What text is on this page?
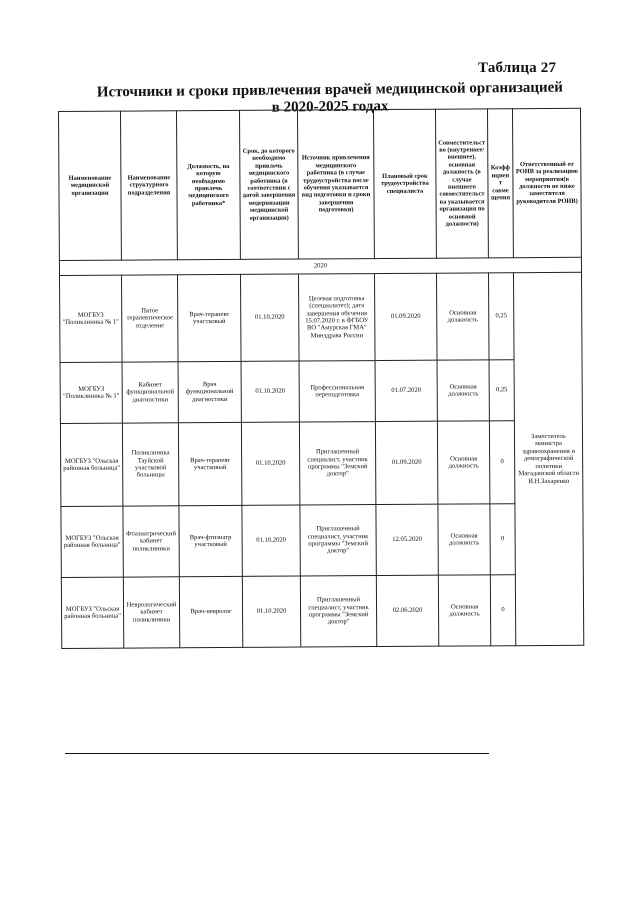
Таблица 27
Источники и сроки привлечения врачей медицинской организацией
в 2020-2025 годах
Наименование медицинской организации	Наименование структурного подразделения	Должность, на которую необходимо привлечь медицинского работника*	Срок, до которого необходимо привлечь медицинского работника (в соответствии с датой завершения модернизации медицинской организации)	Источник привлечения медицинского работника (в случае трудоустройства после обучения указывается вид подготовки и сроки завершения подготовки)	Плановый срок трудоустройства специалиста	Совместительство (внутреннее/внешнее), основная должность (в случае внешнего совместительства указывается организация по основной должности)	Коэффициент совмещения	Ответственный от РОИВ за реализацию мероприятия(в должности не ниже заместителя руководителя РОИВ)
2020								
МОГБУЗ "Поликлиника № 1"	Пятое терапевтическое отделение	Врач-терапевт участковый	01.10.2020	Целевая подготовка (специалитет); дата завершения обучения 15.07.2020 г. в ФГБОУ ВО "Амурская ГМА" Минздрава России	01.09.2020	Основная должность	0,25	Заместитель министра здравоохранения и демографической политики Магаданской области И.Н.Захаренко
МОГБУЗ "Поликлиника № 1"	Кабинет функциональной диагностики	Врач функциональной диагностики	01.10.2020	Профессиональная переподготовка	01.07.2020	Основная должность	0,25	
МОГБУЗ "Ольская районная больница"	Поликлиника Тауйской участковой больницы	Врач-терапевт участковый	01.10.2020	Приглашенный специалист, участник программы "Земский доктор"	01.09.2020	Основная должность	0	
МОГБУЗ "Ольская районная больница"	Фтизиатрический кабинет поликлиники	Врач-фтизиатр участковый	01.10.2020	Приглашенный специалист, участник программы "Земский доктор"	12.05.2020	Основная должность	0	
МОГБУЗ "Ольская районная больница"	Неврологический кабинет поликлиники	Врач-невролог	01.10.2020	Приглашенный специалист, участник программы "Земский доктор"	02.06.2020	Основная должность	0	
